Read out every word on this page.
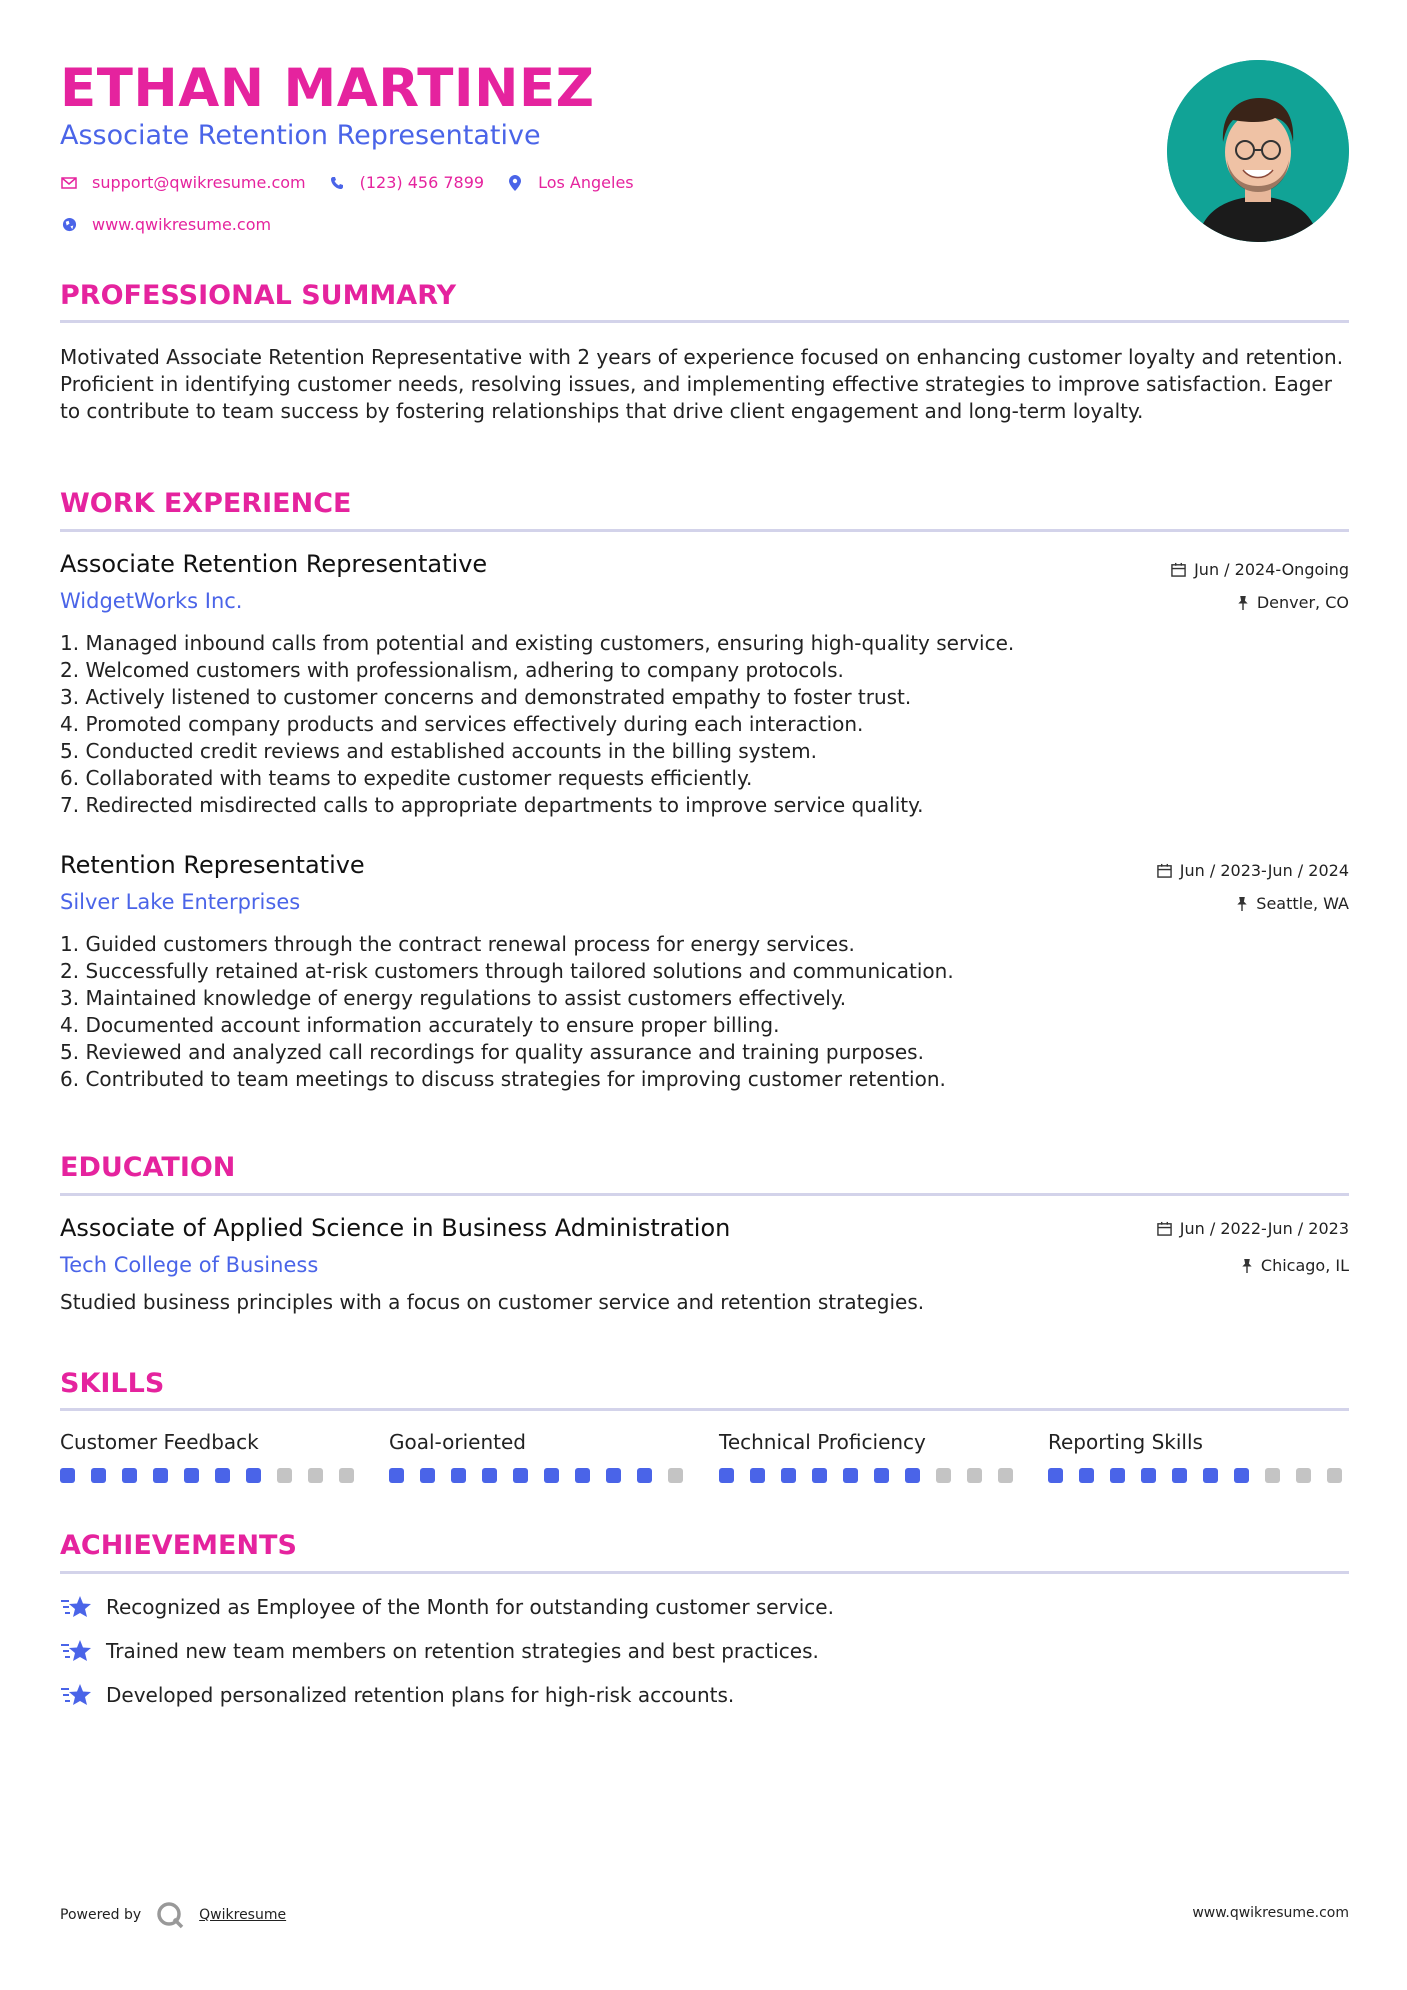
ETHAN MARTINEZ
Associate Retention Representative
support@qwikresume.com	(123) 456 7899	Los Angeles
www.qwikresume.com
PROFESSIONAL SUMMARY

Motivated Associate Retention Representative with 2 years of experience focused on enhancing customer loyalty and retention. Proficient in identifying customer needs, resolving issues, and implementing effective strategies to improve satisfaction. Eager to contribute to team success by fostering relationships that drive client engagement and long-term loyalty.

WORK EXPERIENCE
Associate Retention Representative
WidgetWorks Inc.
Jun / 2024-Ongoing
Denver, CO
1. Managed inbound calls from potential and existing customers, ensuring high-quality service.
2. Welcomed customers with professionalism, adhering to company protocols.
3. Actively listened to customer concerns and demonstrated empathy to foster trust.
4. Promoted company products and services effectively during each interaction.
5. Conducted credit reviews and established accounts in the billing system.
6. Collaborated with teams to expedite customer requests efficiently.
7. Redirected misdirected calls to appropriate departments to improve service quality.
Retention Representative
Silver Lake Enterprises
Jun / 2023-Jun / 2024
Seattle, WA
1. Guided customers through the contract renewal process for energy services.
2. Successfully retained at-risk customers through tailored solutions and communication.
3. Maintained knowledge of energy regulations to assist customers effectively.
4. Documented account information accurately to ensure proper billing.
5. Reviewed and analyzed call recordings for quality assurance and training purposes.
6. Contributed to team meetings to discuss strategies for improving customer retention.
EDUCATION
Associate of Applied Science in Business Administration
Tech College of Business
Jun / 2022-Jun / 2023
Chicago, IL

Studied business principles with a focus on customer service and retention strategies.

SKILLS
Customer Feedback	Goal-oriented	Technical Proficiency	Reporting Skills
ACHIEVEMENTS
Recognized as Employee of the Month for outstanding customer service.
Trained new team members on retention strategies and best practices.
Developed personalized retention plans for high-risk accounts.
Powered by	Qwikresume	www.qwikresume.com
